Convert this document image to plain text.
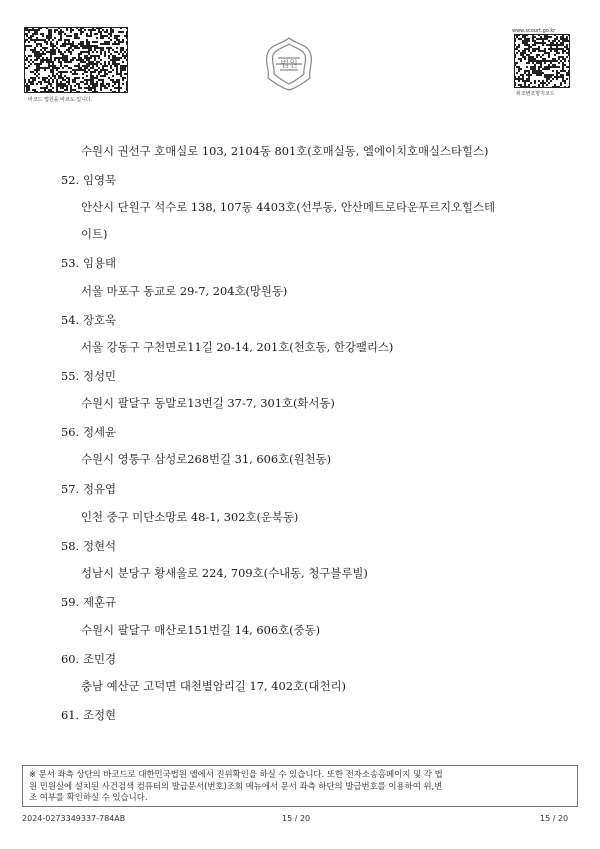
바코드 법원을 바르도 입니다.
법원
www.scourt.go.kr
위조변조방지코드
수원시 권선구 호매실로 103, 2104동 801호(호매실동, 엘에이치호매실스타힐스)
52. 임영묵
안산시 단원구 석수로 138, 107동 4403호(선부동, 안산메트로타운푸르지오힐스테
이트)
53. 임용태
서울 마포구 동교로 29-7, 204호(망원동)
54. 장호욱
서울 강동구 구천면로11길 20-14, 201호(천호동, 한강팰리스)
55. 정성민
수원시 팔달구 동말로13번길 37-7, 301호(화서동)
56. 정세윤
수원시 영통구 삼성로268번길 31, 606호(원천동)
57. 정유엽
인천 중구 미단소망로 48-1, 302호(운북동)
58. 정현석
성남시 분당구 황새울로 224, 709호(수내동, 청구블루빌)
59. 제훈규
수원시 팔달구 매산로151번길 14, 606호(중동)
60. 조민경
충남 예산군 고덕면 대천별암리길 17, 402호(대천리)
61. 조정현
※ 문서 좌측 상단의 바코드로 대한민국법원 앱에서 진위확인을 하실 수 있습니다. 또한 전자소송홈페이지 및 각 법
원 민원실에 설치된 사건검색 컴퓨터의 발급문서(번호)조회 메뉴에서 문서 좌측 하단의 발급번호를 이용하여 위,변
조 여부를 확인하실 수 있습니다.
2024-0273349337-784AB	15 / 20	15 / 20
